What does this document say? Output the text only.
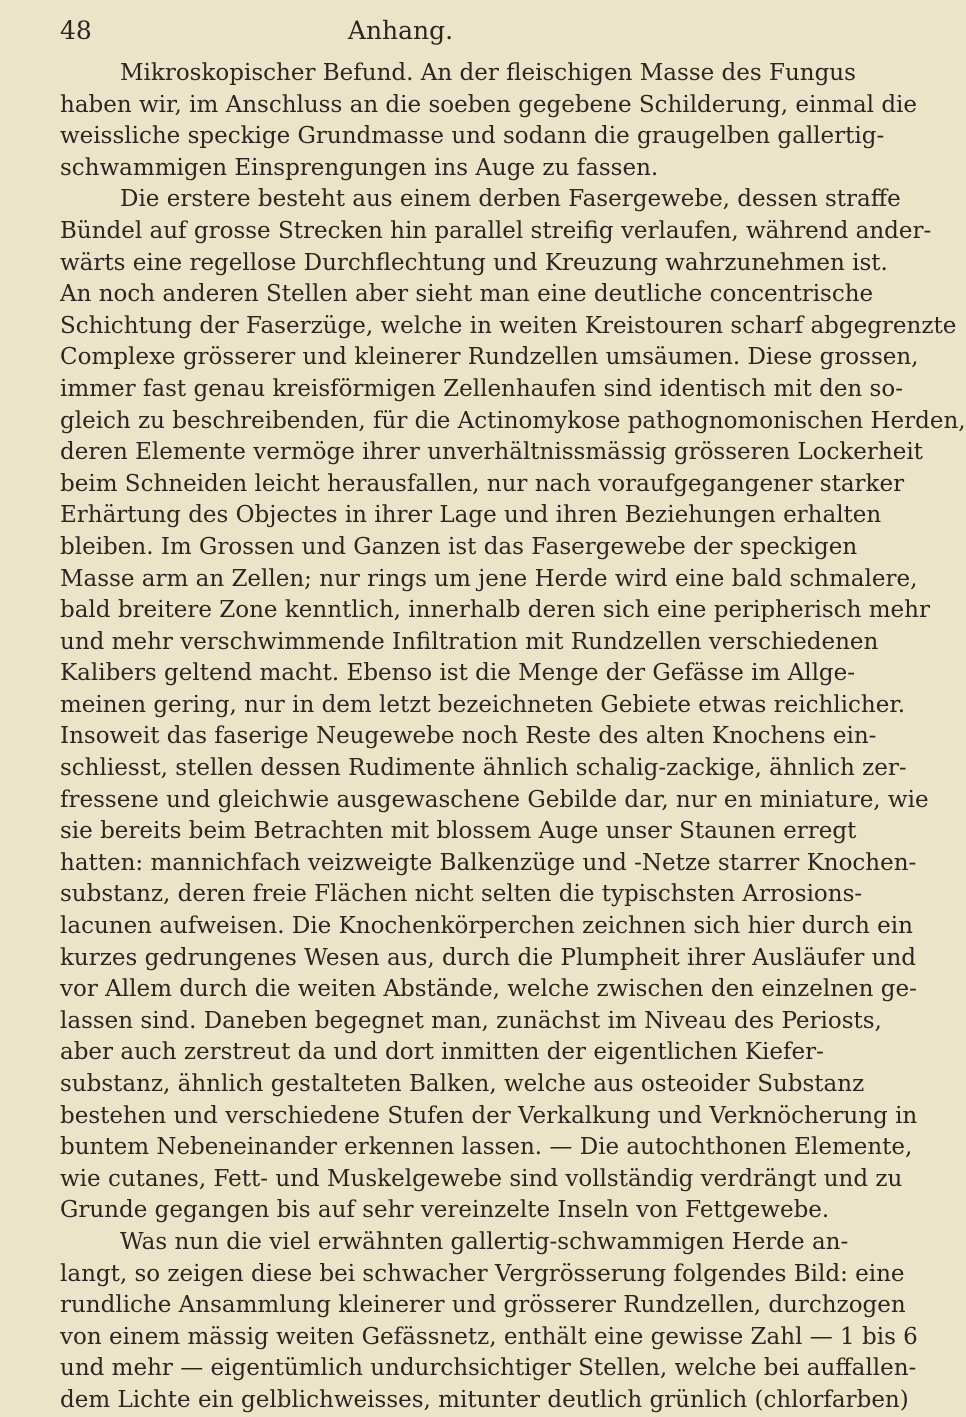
48	Anhang.
Mikroskopischer Befund. An der fleischigen Masse des Fungus
haben wir, im Anschluss an die soeben gegebene Schilderung, einmal die
weissliche speckige Grundmasse und sodann die graugelben gallertig-
schwammigen Einsprengungen ins Auge zu fassen.
Die erstere besteht aus einem derben Fasergewebe, dessen straffe
Bündel auf grosse Strecken hin parallel streifig verlaufen, während ander-
wärts eine regellose Durchflechtung und Kreuzung wahrzunehmen ist.
An noch anderen Stellen aber sieht man eine deutliche concentrische
Schichtung der Faserzüge, welche in weiten Kreistouren scharf abgegrenzte
Complexe grösserer und kleinerer Rundzellen umsäumen. Diese grossen,
immer fast genau kreisförmigen Zellenhaufen sind identisch mit den so-
gleich zu beschreibenden, für die Actinomykose pathognomonischen Herden,
deren Elemente vermöge ihrer unverhältnissmässig grösseren Lockerheit
beim Schneiden leicht herausfallen, nur nach voraufgegangener starker
Erhärtung des Objectes in ihrer Lage und ihren Beziehungen erhalten
bleiben. Im Grossen und Ganzen ist das Fasergewebe der speckigen
Masse arm an Zellen; nur rings um jene Herde wird eine bald schmalere,
bald breitere Zone kenntlich, innerhalb deren sich eine peripherisch mehr
und mehr verschwimmende Infiltration mit Rundzellen verschiedenen
Kalibers geltend macht. Ebenso ist die Menge der Gefässe im Allge-
meinen gering, nur in dem letzt bezeichneten Gebiete etwas reichlicher.
Insoweit das faserige Neugewebe noch Reste des alten Knochens ein-
schliesst, stellen dessen Rudimente ähnlich schalig-zackige, ähnlich zer-
fressene und gleichwie ausgewaschene Gebilde dar, nur en miniature, wie
sie bereits beim Betrachten mit blossem Auge unser Staunen erregt
hatten: mannichfach veizweigte Balkenzüge und -Netze starrer Knochen-
substanz, deren freie Flächen nicht selten die typischsten Arrosions-
lacunen aufweisen. Die Knochenkörperchen zeichnen sich hier durch ein
kurzes gedrungenes Wesen aus, durch die Plumpheit ihrer Ausläufer und
vor Allem durch die weiten Abstände, welche zwischen den einzelnen ge-
lassen sind. Daneben begegnet man, zunächst im Niveau des Periosts,
aber auch zerstreut da und dort inmitten der eigentlichen Kiefer-
substanz, ähnlich gestalteten Balken, welche aus osteoider Substanz
bestehen und verschiedene Stufen der Verkalkung und Verknöcherung in
buntem Nebeneinander erkennen lassen. — Die autochthonen Elemente,
wie cutanes, Fett- und Muskelgewebe sind vollständig verdrängt und zu
Grunde gegangen bis auf sehr vereinzelte Inseln von Fettgewebe.
Was nun die viel erwähnten gallertig-schwammigen Herde an-
langt, so zeigen diese bei schwacher Vergrösserung folgendes Bild: eine
rundliche Ansammlung kleinerer und grösserer Rundzellen, durchzogen
von einem mässig weiten Gefässnetz, enthält eine gewisse Zahl — 1 bis 6
und mehr — eigentümlich undurchsichtiger Stellen, welche bei auffallen-
dem Lichte ein gelblichweisses, mitunter deutlich grünlich (chlorfarben)
